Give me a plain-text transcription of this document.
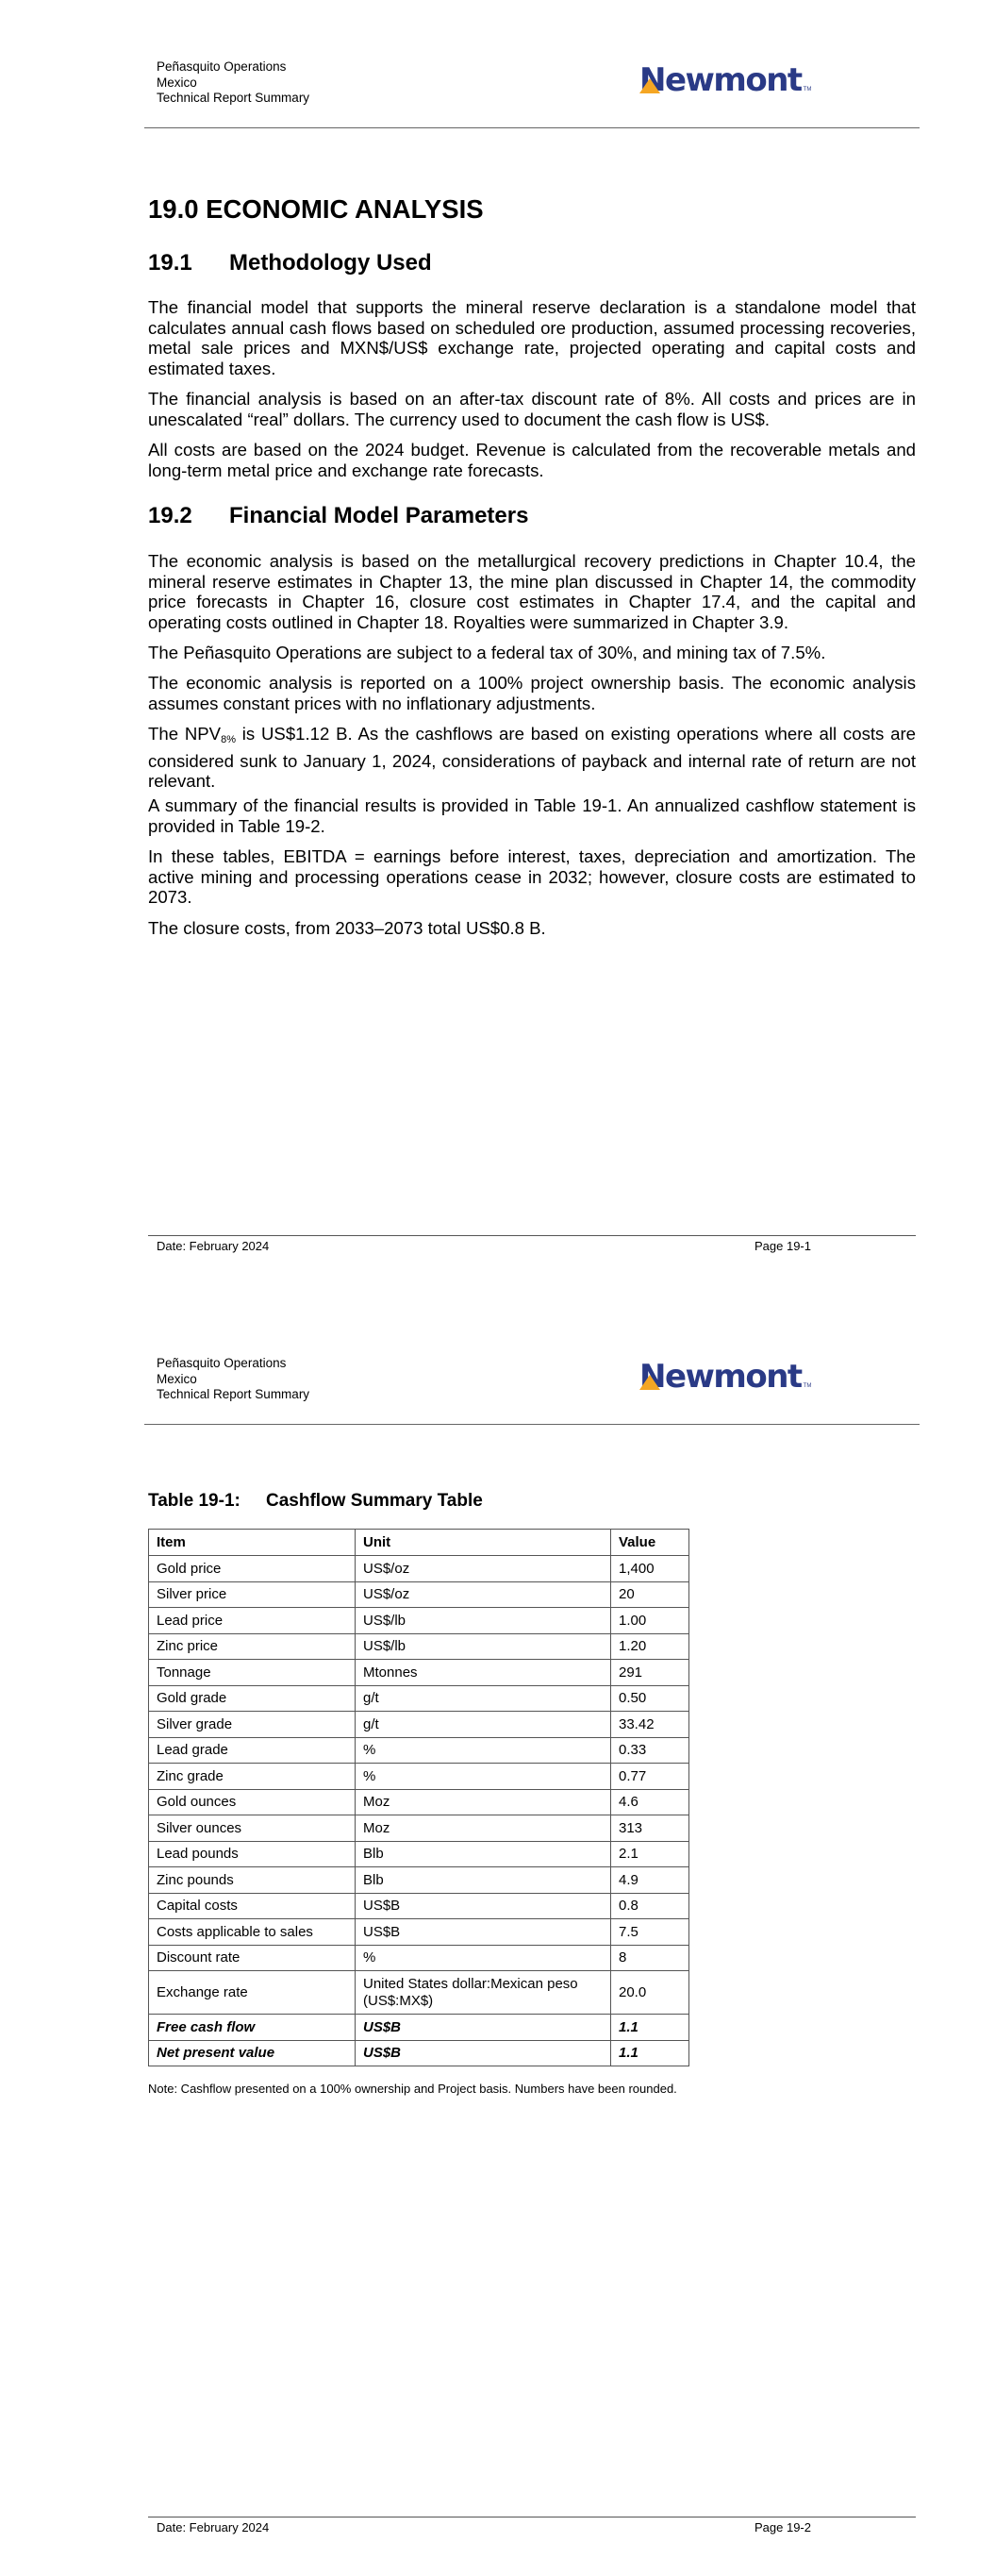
Peñasquito Operations
Mexico
Technical Report Summary	Newmont TM
19.0 ECONOMIC ANALYSIS
19.1	Methodology Used

The financial model that supports the mineral reserve declaration is a standalone model that calculates annual cash flows based on scheduled ore production, assumed processing recoveries, metal sale prices and MXN$/US$ exchange rate, projected operating and capital costs and estimated taxes.

The financial analysis is based on an after-tax discount rate of 8%. All costs and prices are in unescalated “real” dollars. The currency used to document the cash flow is US$.

All costs are based on the 2024 budget. Revenue is calculated from the recoverable metals and long-term metal price and exchange rate forecasts.

19.2	Financial Model Parameters

The economic analysis is based on the metallurgical recovery predictions in Chapter 10.4, the mineral reserve estimates in Chapter 13, the mine plan discussed in Chapter 14, the commodity price forecasts in Chapter 16, closure cost estimates in Chapter 17.4, and the capital and operating costs outlined in Chapter 18. Royalties were summarized in Chapter 3.9.

The Peñasquito Operations are subject to a federal tax of 30%, and mining tax of 7.5%.

The economic analysis is reported on a 100% project ownership basis. The economic analysis assumes constant prices with no inflationary adjustments.

The $NPV_{8\%}$ is US$1.12 B. As the cashflows are based on existing operations where all costs are considered sunk to January 1, 2024, considerations of payback and internal rate of return are not relevant.

A summary of the financial results is provided in Table 19-1. An annualized cashflow statement is provided in Table 19-2.

In these tables, EBITDA = earnings before interest, taxes, depreciation and amortization. The active mining and processing operations cease in 2032; however, closure costs are estimated to 2073.

The closure costs, from 2033–2073 total US$0.8 B.

Date: February 2024	Page 19-1
Peñasquito Operations
Mexico
Technical Report Summary	Newmont TM
Table 19-1:	Cashflow Summary Table
Item	Unit	Value
Gold price	US$/oz	1,400
Silver price	US$/oz	20
Lead price	US$/lb	1.00
Zinc price	US$/lb	1.20
Tonnage	Mtonnes	291
Gold grade	g/t	0.50
Silver grade	g/t	33.42
Lead grade	%	0.33
Zinc grade	%	0.77
Gold ounces	Moz	4.6
Silver ounces	Moz	313
Lead pounds	Blb	2.1
Zinc pounds	Blb	4.9
Capital costs	US$B	0.8
Costs applicable to sales	US$B	7.5
Discount rate	%	8
Exchange rate	United States dollar:Mexican peso (US$:MX$)	20.0
Free cash flow	US$B	1.1
Net present value	US$B	1.1
Note: Cashflow presented on a 100% ownership and Project basis. Numbers have been rounded.
Date: February 2024	Page 19-2
